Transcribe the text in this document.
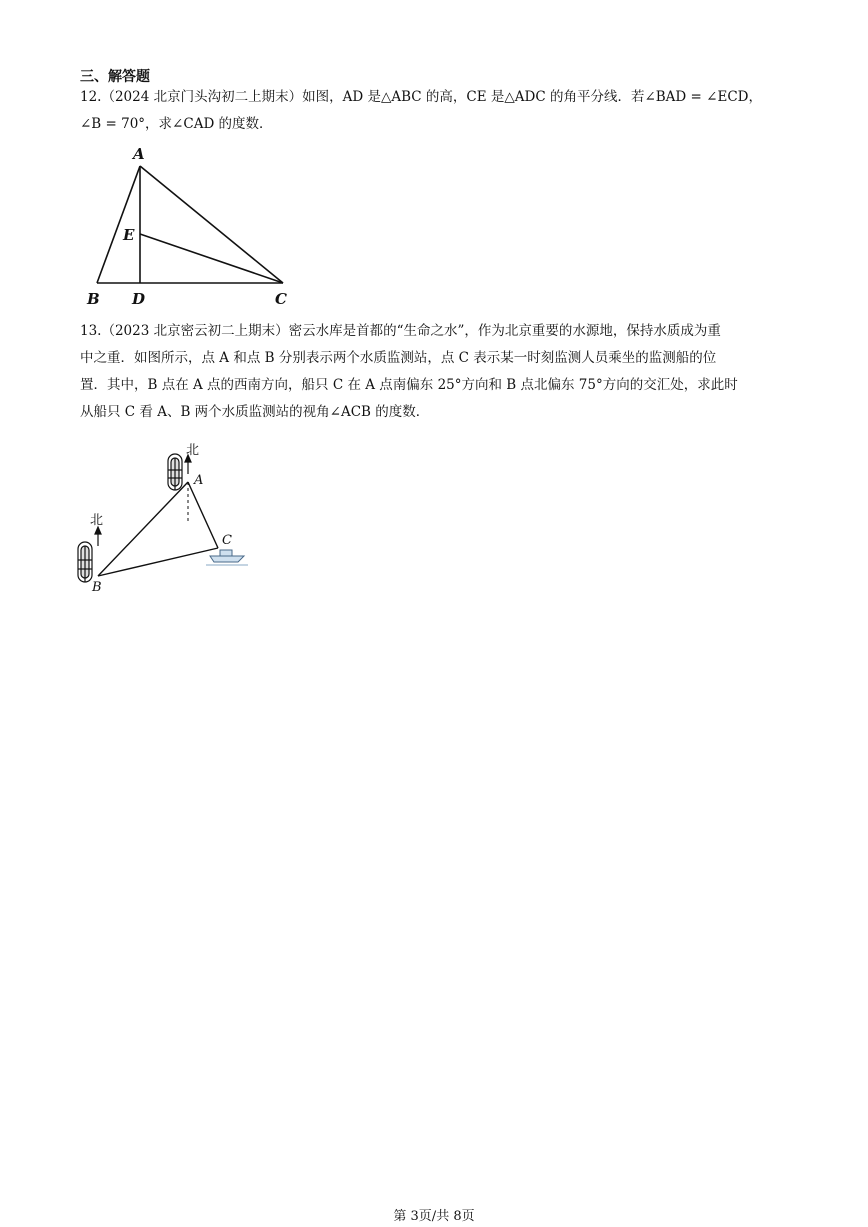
三、解答题

12.（2024 北京门头沟初二上期末）如图，AD 是△ABC 的高，CE 是△ADC 的角平分线．若∠BAD = ∠ECD，
∠B = 70°，求∠CAD 的度数．

A
E
B D	C

13.（2023 北京密云初二上期末）密云水库是首都的“生命之水”，作为北京重要的水源地，保持水质成为重
中之重．如图所示，点 A 和点 B 分别表示两个水质监测站，点 C 表示某一时刻监测人员乘坐的监测船的位
置．其中，B 点在 A 点的西南方向，船只 C 在 A 点南偏东 25°方向和 B 点北偏东 75°方向的交汇处，求此时
从船只 C 看 A、B 两个水质监测站的视角∠ACB 的度数．

北
北
A
B
C
第 3页/共 8页
